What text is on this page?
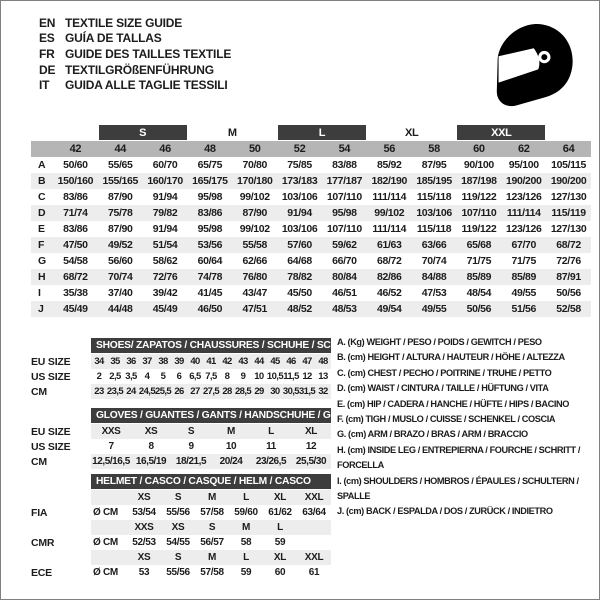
EN TEXTILE SIZE GUIDE
ES GUÍA DE TALLAS
FR GUIDE DES TAILLES TEXTILE
DE TEXTILGRÖßENFÜHRUNG
IT	GUIDA ALLE TAGLIE TESSILI
S	M	L	XL	XXL
42	44	46	48	50	52	54	56	58	60	62	64
A	50/60	55/65	60/70	65/75	70/80	75/85	83/88	85/92	87/95	90/100	95/100	105/115
B	150/160 155/165 160/170 165/175 170/180 173/183 177/187 182/190 185/195 187/198 190/200 190/200
C	83/86	87/90	91/94	95/98	99/102	103/106 107/110 111/114	115/118 119/122 123/126 127/130
D	71/74	75/78	79/82	83/86	87/90	91/94	95/98	99/102	103/106 107/110 111/114	115/119
E	83/86	87/90	91/94	95/98	99/102	103/106 107/110 111/114	115/118 119/122 123/126 127/130
F	47/50	49/52	51/54	53/56	55/58	57/60	59/62	61/63	63/66	65/68	67/70	68/72
G	54/58	56/60	58/62	60/64	62/66	64/68	66/70	68/72	70/74	71/75	71/75	72/76
H	68/72	70/74	72/76	74/78	76/80	78/82	80/84	82/86	84/88	85/89	85/89	87/91
I	35/38	37/40	39/42	41/45	43/47	45/50	46/51	46/52	47/53	48/54	49/55	50/56
J	45/49	44/48	45/49	46/50	47/51	48/52	48/53	49/54	49/55	50/56	51/56	52/58
SHOES/ ZAPATOS / CHAUSSURES / SCHUHE / SCARPE
EU SIZE	34 35 36 37 38 39 40 41 42 43 44 45 46 47 48
US SIZE	2 2,5 3,5 4	5	6 6,5 7,5 8	9 10 10,5 11,5 12 13
CM	23 23,5 24 24,5 25,5 26 27 27,5 28 28,5 29 30 30,5 31,5 32
GLOVES / GUANTES / GANTS / HANDSCHUHE / GUANTI
EU SIZE	XXS	XS	S	M	L	XL
US SIZE	7	8	9	10	11	12
CM	12,5/16,5 16,5/19 18/21,5	20/24	23/26,5 25,5/30
HELMET / CASCO / CASQUE / HELM / CASCO
XS	S	M	L	XL	XXL
FIA	Ø CM	53/54	55/56	57/58	59/60	61/62	63/64
XXS	XS	S	M	L
CMR	Ø CM	52/53	54/55	56/57	58	59
XS	S	M	L	XL	XXL
ECE	Ø CM	53	55/56	57/58	59	60	61
A. (Kg) WEIGHT / PESO / POIDS / GEWITCH / PESO
B. (cm) HEIGHT / ALTURA / HAUTEUR / HÖHE / ALTEZZA
C. (cm) CHEST / PECHO / POITRINE / TRUHE / PETTO
D. (cm) WAIST / CINTURA / TAILLE / HÜFTUNG / VITA
E. (cm) HIP / CADERA / HANCHE / HÜFTE / HIPS / BACINO
F. (cm) TIGH / MUSLO / CUISSE / SCHENKEL / COSCIA
G. (cm) ARM / BRAZO / BRAS / ARM / BRACCIO
H. (cm) INSIDE LEG / ENTREPIERNA / FOURCHE / SCHRITT / FORCELLA
I. (cm) SHOULDERS / HOMBROS / ÉPAULES / SCHULTERN / SPALLE
J. (cm) BACK / ESPALDA / DOS / ZURÜCK / INDIETRO
